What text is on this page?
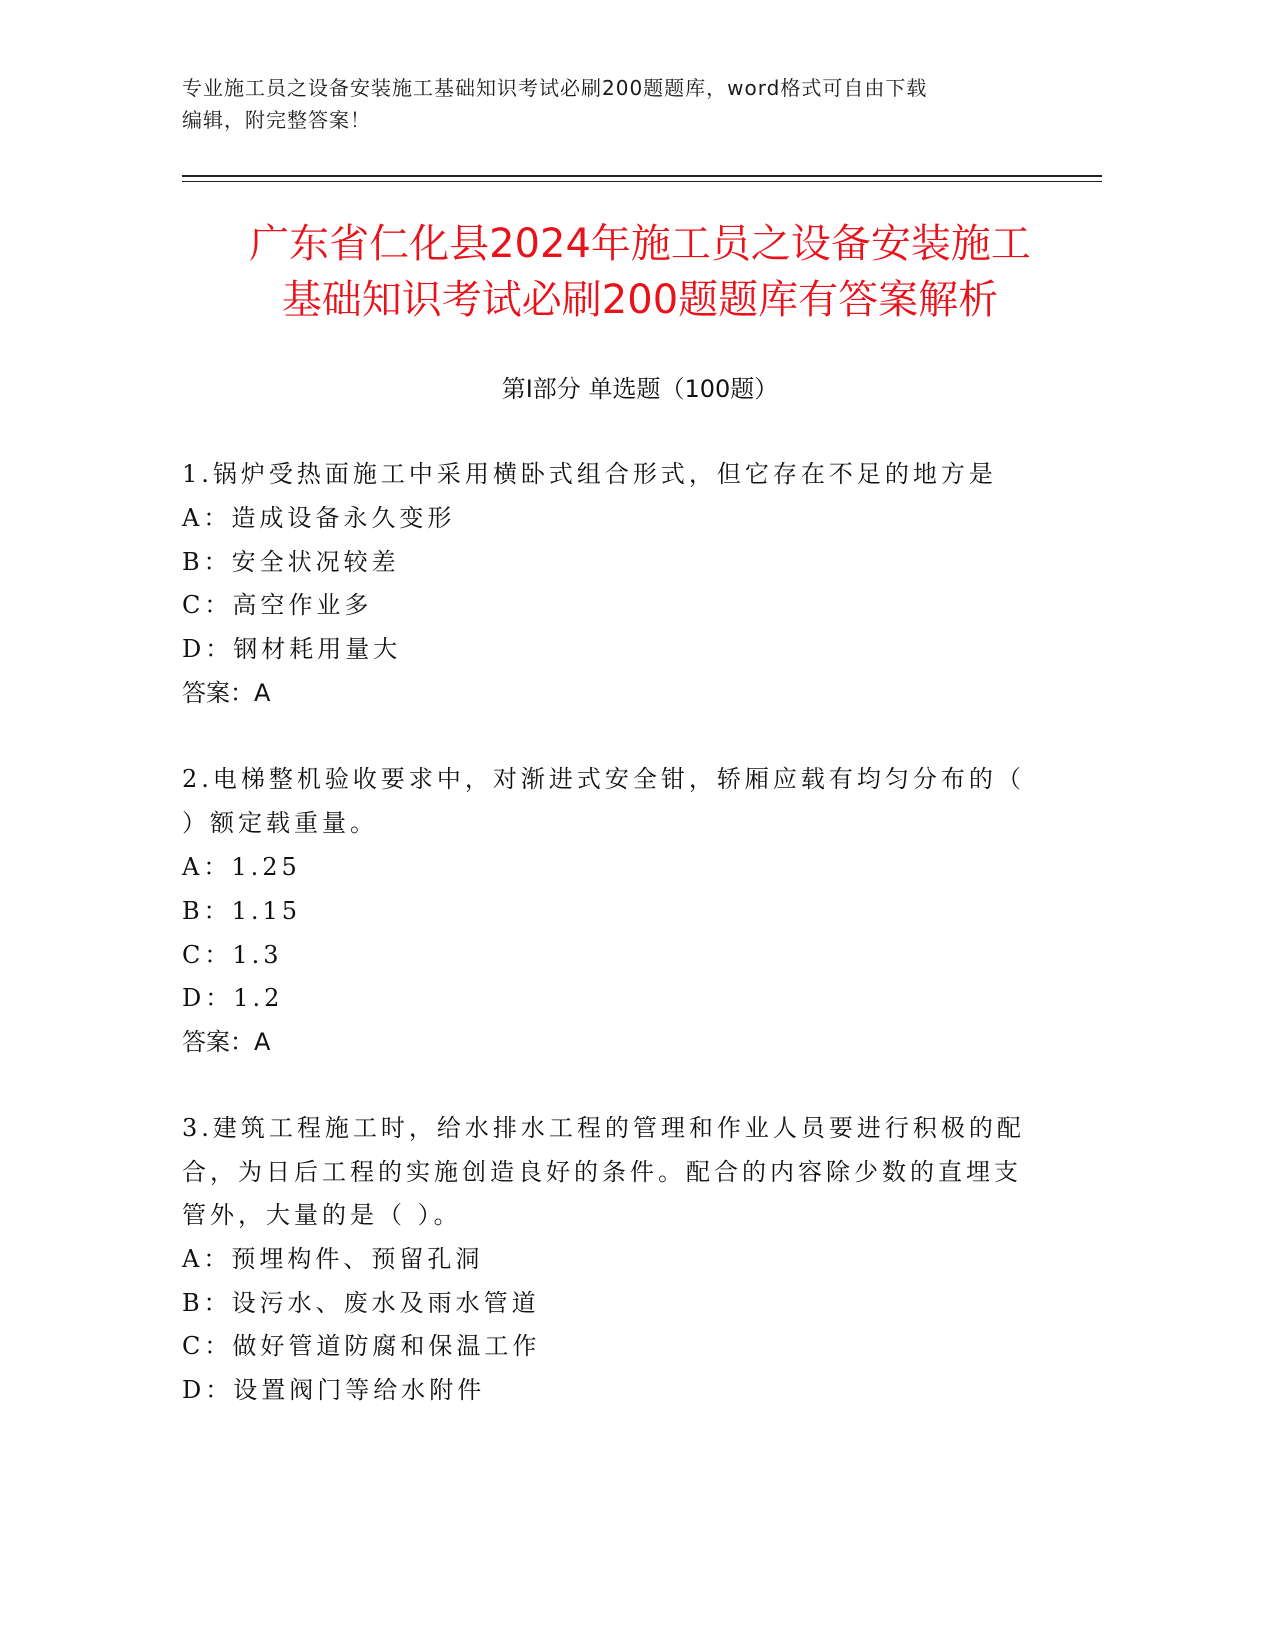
专业施工员之设备安装施工基础知识考试必刷200题题库，word格式可自由下载
编辑，附完整答案！
广东省仁化县2024年施工员之设备安装施工
基础知识考试必刷200题题库有答案解析
第Ⅰ部分 单选题（100题）
1.锅炉受热面施工中采用横卧式组合形式，但它存在不足的地方是
A：造成设备永久变形
B：安全状况较差
C：高空作业多
D：钢材耗用量大
答案：A
2.电梯整机验收要求中，对渐进式安全钳，轿厢应载有均匀分布的（
）额定载重量。
A：1.25
B：1.15
C：1.3
D：1.2
答案：A
3.建筑工程施工时，给水排水工程的管理和作业人员要进行积极的配
合，为日后工程的实施创造良好的条件。配合的内容除少数的直埋支
管外，大量的是（ ）。
A：预埋构件、预留孔洞
B：设污水、废水及雨水管道
C：做好管道防腐和保温工作
D：设置阀门等给水附件
